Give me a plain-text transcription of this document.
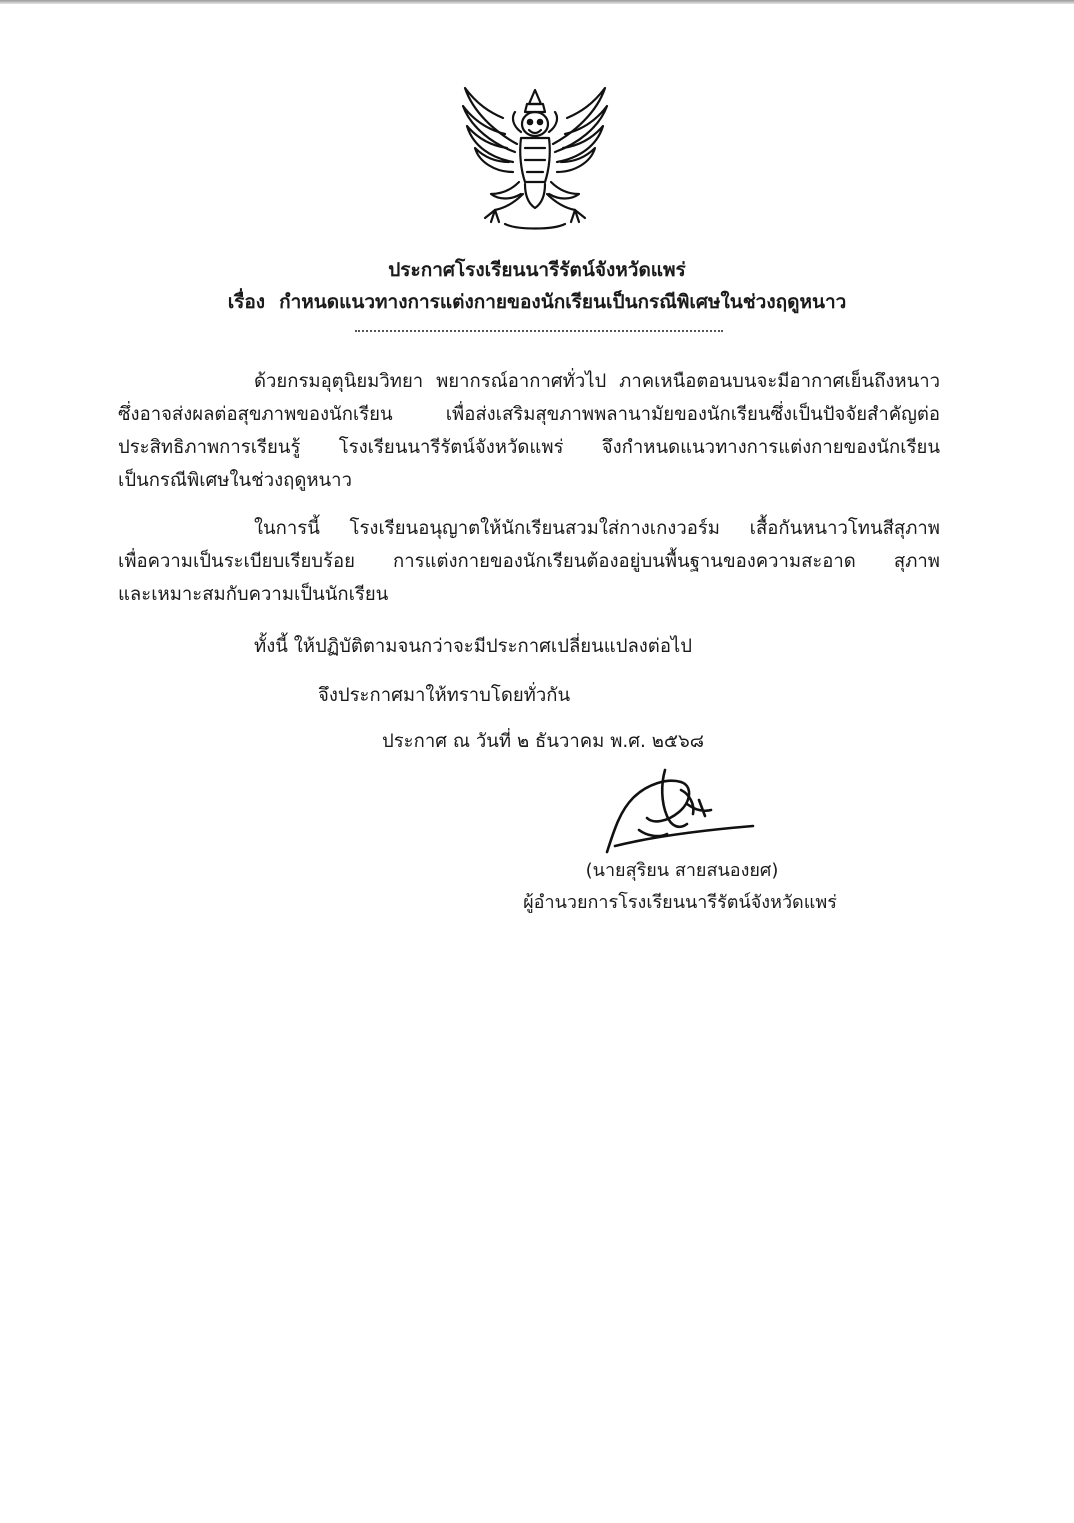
ประกาศโรงเรียนนารีรัตน์จังหวัดแพร่
เรื่อง กำหนดแนวทางการแต่งกายของนักเรียนเป็นกรณีพิเศษในช่วงฤดูหนาว
ด้วยกรมอุตุนิยมวิทยา พยากรณ์อากาศทั่วไป ภาคเหนือตอนบนจะมีอากาศเย็นถึงหนาว
ซึ่งอาจส่งผลต่อสุขภาพของนักเรียน เพื่อส่งเสริมสุขภาพพลานามัยของนักเรียนซึ่งเป็นปัจจัยสำคัญต่อ
ประสิทธิภาพการเรียนรู้ โรงเรียนนารีรัตน์จังหวัดแพร่ จึงกำหนดแนวทางการแต่งกายของนักเรียน
เป็นกรณีพิเศษในช่วงฤดูหนาว
ในการนี้ โรงเรียนอนุญาตให้นักเรียนสวมใส่กางเกงวอร์ม เสื้อกันหนาวโทนสีสุภาพ
เพื่อความเป็นระเบียบเรียบร้อย การแต่งกายของนักเรียนต้องอยู่บนพื้นฐานของความสะอาด สุภาพ
และเหมาะสมกับความเป็นนักเรียน
ทั้งนี้ ให้ปฏิบัติตามจนกว่าจะมีประกาศเปลี่ยนแปลงต่อไป
จึงประกาศมาให้ทราบโดยทั่วกัน
ประกาศ ณ วันที่ ๒ ธันวาคม พ.ศ. ๒๕๖๘
(นายสุริยน สายสนองยศ)
ผู้อำนวยการโรงเรียนนารีรัตน์จังหวัดแพร่
